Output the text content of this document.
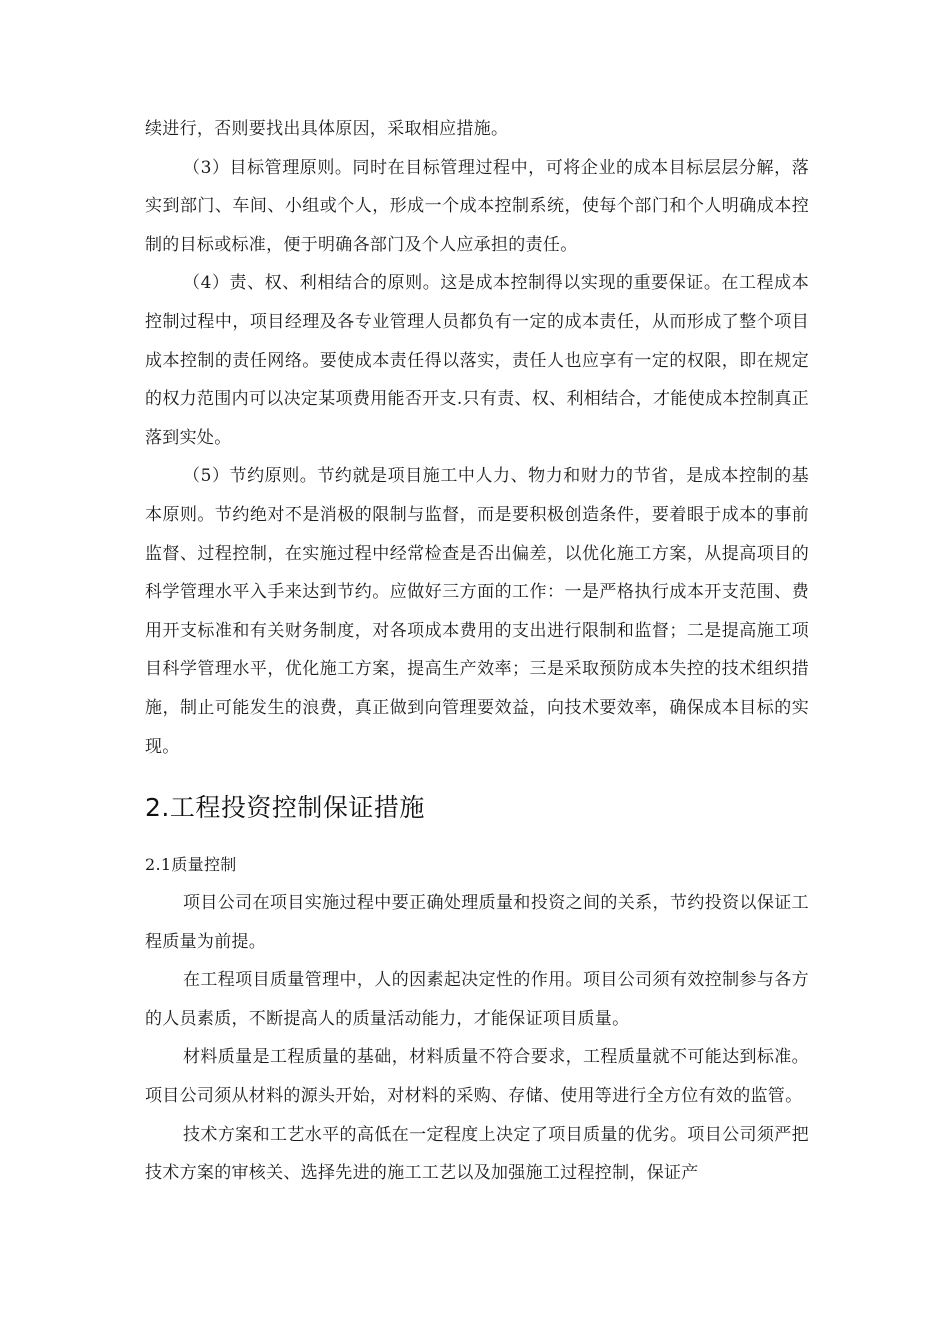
续进行，否则要找出具体原因，采取相应措施。

（3）目标管理原则。同时在目标管理过程中，可将企业的成本目标层层分解，落实到部门、车间、小组或个人，形成一个成本控制系统，使每个部门和个人明确成本控制的目标或标准，便于明确各部门及个人应承担的责任。

（4）责、权、利相结合的原则。这是成本控制得以实现的重要保证。在工程成本控制过程中，项目经理及各专业管理人员都负有一定的成本责任，从而形成了整个项目成本控制的责任网络。要使成本责任得以落实，责任人也应享有一定的权限，即在规定的权力范围内可以决定某项费用能否开支.只有责、权、利相结合，才能使成本控制真正落到实处。

（5）节约原则。节约就是项目施工中人力、物力和财力的节省，是成本控制的基本原则。节约绝对不是消极的限制与监督，而是要积极创造条件，要着眼于成本的事前监督、过程控制，在实施过程中经常检查是否出偏差，以优化施工方案，从提高项目的科学管理水平入手来达到节约。应做好三方面的工作：一是严格执行成本开支范围、费用开支标准和有关财务制度，对各项成本费用的支出进行限制和监督；二是提高施工项目科学管理水平，优化施工方案，提高生产效率；三是采取预防成本失控的技术组织措施，制止可能发生的浪费，真正做到向管理要效益，向技术要效率，确保成本目标的实现。

2.工程投资控制保证措施

2.1质量控制

项目公司在项目实施过程中要正确处理质量和投资之间的关系，节约投资以保证工程质量为前提。

在工程项目质量管理中，人的因素起决定性的作用。项目公司须有效控制参与各方的人员素质，不断提高人的质量活动能力，才能保证项目质量。

材料质量是工程质量的基础，材料质量不符合要求，工程质量就不可能达到标准。项目公司须从材料的源头开始，对材料的采购、存储、使用等进行全方位有效的监管。

技术方案和工艺水平的高低在一定程度上决定了项目质量的优劣。项目公司须严把技术方案的审核关、选择先进的施工工艺以及加强施工过程控制，保证产
